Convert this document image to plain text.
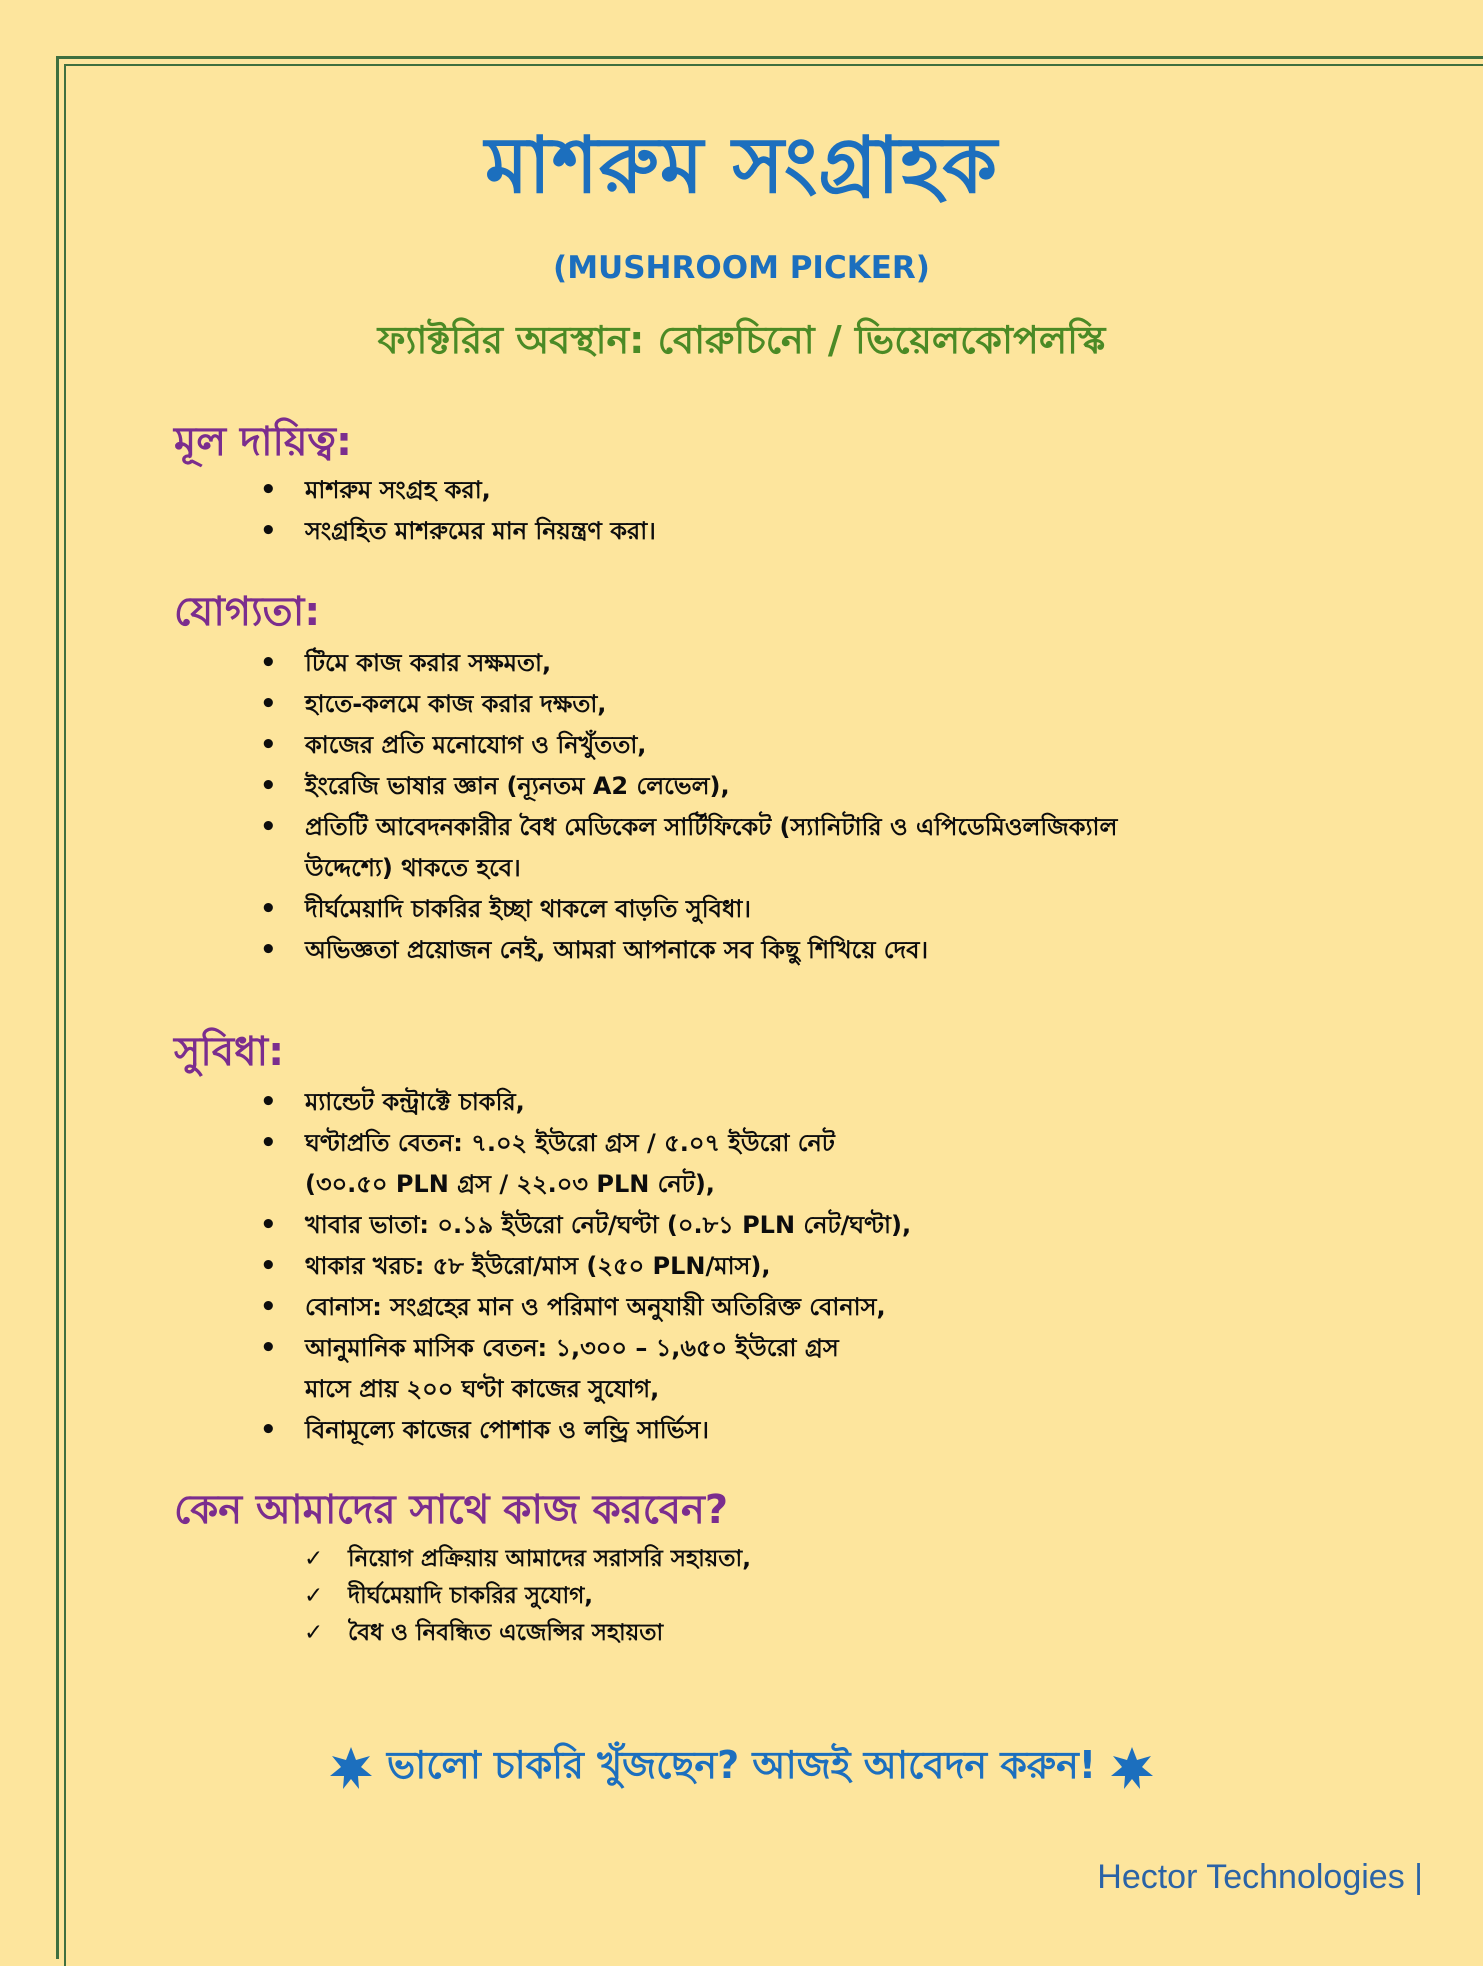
মাশরুম সংগ্রাহক
(MUSHROOM PICKER)
ফ্যাক্টরির অবস্থান: বোরুচিনো / ভিয়েলকোপলস্কি
মূল দায়িত্ব:
• মাশরুম সংগ্রহ করা,
• সংগ্রহিত মাশরুমের মান নিয়ন্ত্রণ করা।
যোগ্যতা:
• টিমে কাজ করার সক্ষমতা,
• হাতে-কলমে কাজ করার দক্ষতা,
• কাজের প্রতি মনোযোগ ও নিখুঁততা,
• ইংরেজি ভাষার জ্ঞান (ন্যূনতম A2 লেভেল),
• প্রতিটি আবেদনকারীর বৈধ মেডিকেল সার্টিফিকেট (স্যানিটারি ও এপিডেমিওলজিক্যাল
উদ্দেশ্যে) থাকতে হবে।
• দীর্ঘমেয়াদি চাকরির ইচ্ছা থাকলে বাড়তি সুবিধা।
• অভিজ্ঞতা প্রয়োজন নেই, আমরা আপনাকে সব কিছু শিখিয়ে দেব।
সুবিধা:
• ম্যান্ডেট কন্ট্রাক্টে চাকরি,
• ঘণ্টাপ্রতি বেতন: ৭.০২ ইউরো গ্রস / ৫.০৭ ইউরো নেট
(৩০.৫০ PLN গ্রস / ২২.০৩ PLN নেট),
• খাবার ভাতা: ০.১৯ ইউরো নেট/ঘণ্টা (০.৮১ PLN নেট/ঘণ্টা),
• থাকার খরচ: ৫৮ ইউরো/মাস (২৫০ PLN/মাস),
• বোনাস: সংগ্রহের মান ও পরিমাণ অনুযায়ী অতিরিক্ত বোনাস,
• আনুমানিক মাসিক বেতন: ১,৩০০ – ১,৬৫০ ইউরো গ্রস
মাসে প্রায় ২০০ ঘণ্টা কাজের সুযোগ,
• বিনামূল্যে কাজের পোশাক ও লন্ড্রি সার্ভিস।
কেন আমাদের সাথে কাজ করবেন?
✓ নিয়োগ প্রক্রিয়ায় আমাদের সরাসরি সহায়তা,
✓ দীর্ঘমেয়াদি চাকরির সুযোগ,
✓ বৈধ ও নিবন্ধিত এজেন্সির সহায়তা
ভালো চাকরি খুঁজছেন? আজই আবেদন করুন!
Hector Technologies |
